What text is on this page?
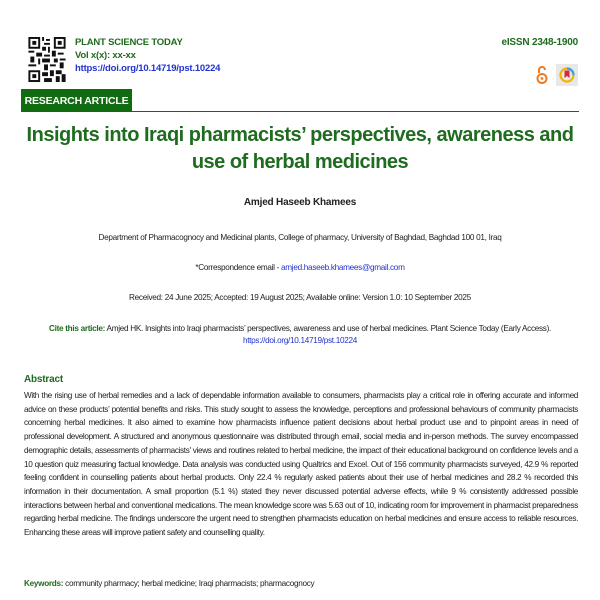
PLANT SCIENCE TODAY
Vol x(x): xx-xx
https://doi.org/10.14719/pst.10224
eISSN 2348-1900
RESEARCH ARTICLE
Insights into Iraqi pharmacists’ perspectives, awareness and use of herbal medicines
Amjed Haseeb Khamees
Department of Pharmacognocy and Medicinal plants, College of pharmacy, University of Baghdad, Baghdad 100 01, Iraq
*Correspondence email - amjed.haseeb.khamees@gmail.com
Received: 24 June 2025; Accepted: 19 August 2025; Available online: Version 1.0: 10 September 2025
Cite this article: Amjed HK. Insights into Iraqi pharmacists’ perspectives, awareness and use of herbal medicines. Plant Science Today (Early Access).
https://doi.org/10.14719/pst.10224
Abstract

With the rising use of herbal remedies and a lack of dependable information available to consumers, pharmacists play a critical role in offering accurate and informed advice on these products’ potential benefits and risks. This study sought to assess the knowledge, perceptions and professional behaviours of community pharmacists concerning herbal medicines. It also aimed to examine how pharmacists influence patient decisions about herbal product use and to pinpoint areas in need of professional development. A structured and anonymous questionnaire was distributed through email, social media and in-person methods. The survey encompassed demographic details, assessments of pharmacists' views and routines related to herbal medicine, the impact of their educational background on confidence levels and a 10 question quiz measuring factual knowledge. Data analysis was conducted using Qualtrics and Excel. Out of 156 community pharmacists surveyed, 42.9 % reported feeling confident in counselling patients about herbal products. Only 22.4 % regularly asked patients about their use of herbal medicines and 28.2 % recorded this information in their documentation. A small proportion (5.1 %) stated they never discussed potential adverse effects, while 9 % consistently addressed possible interactions between herbal and conventional medications. The mean knowledge score was 5.63 out of 10, indicating room for improvement in pharmacist preparedness regarding herbal medicine. The findings underscore the urgent need to strengthen pharmacists education on herbal medicines and ensure access to reliable resources. Enhancing these areas will improve patient safety and counselling quality.

Keywords: community pharmacy; herbal medicine; Iraqi pharmacists; pharmacognocy
